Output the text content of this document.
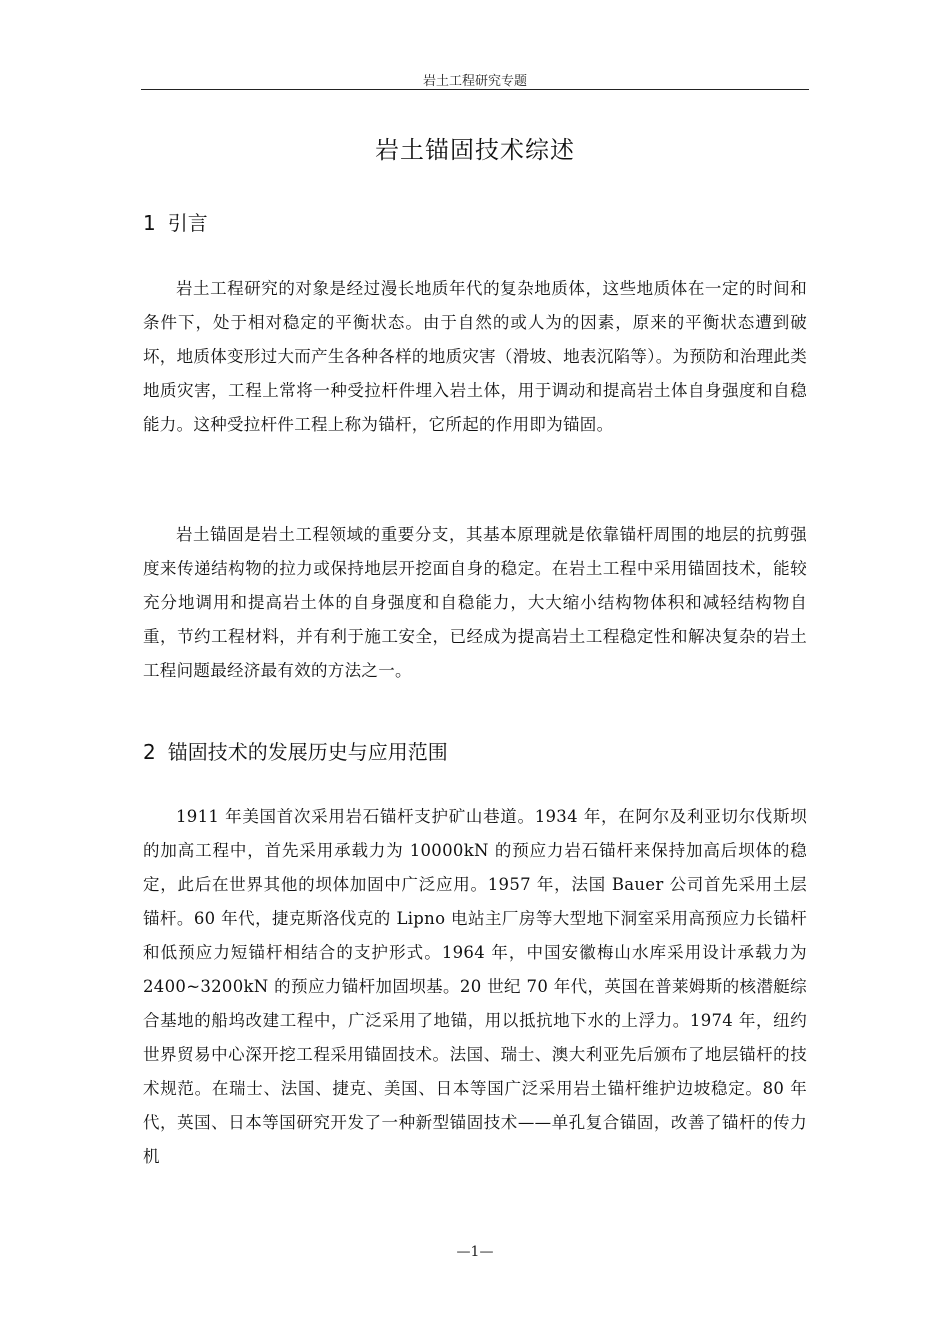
岩土工程研究专题
岩土锚固技术综述
1 引言

岩土工程研究的对象是经过漫长地质年代的复杂地质体，这些地质体在一定的时间和条件下，处于相对稳定的平衡状态。由于自然的或人为的因素，原来的平衡状态遭到破坏，地质体变形过大而产生各种各样的地质灾害（滑坡、地表沉陷等）。为预防和治理此类地质灾害，工程上常将一种受拉杆件埋入岩土体，用于调动和提高岩土体自身强度和自稳能力。这种受拉杆件工程上称为锚杆，它所起的作用即为锚固。

岩土锚固是岩土工程领域的重要分支，其基本原理就是依靠锚杆周围的地层的抗剪强度来传递结构物的拉力或保持地层开挖面自身的稳定。在岩土工程中采用锚固技术，能较充分地调用和提高岩土体的自身强度和自稳能力，大大缩小结构物体积和减轻结构物自重，节约工程材料，并有利于施工安全，已经成为提高岩土工程稳定性和解决复杂的岩土工程问题最经济最有效的方法之一。

2 锚固技术的发展历史与应用范围

1911 年美国首次采用岩石锚杆支护矿山巷道。1934 年，在阿尔及利亚切尔伐斯坝的加高工程中，首先采用承载力为 10000kN 的预应力岩石锚杆来保持加高后坝体的稳定，此后在世界其他的坝体加固中广泛应用。1957 年，法国 Bauer 公司首先采用土层锚杆。60 年代，捷克斯洛伐克的 Lipno 电站主厂房等大型地下洞室采用高预应力长锚杆和低预应力短锚杆相结合的支护形式。1964 年，中国安徽梅山水库采用设计承载力为 2400~3200kN 的预应力锚杆加固坝基。20 世纪 70 年代，英国在普莱姆斯的核潜艇综合基地的船坞改建工程中，广泛采用了地锚，用以抵抗地下水的上浮力。1974 年，纽约世界贸易中心深开挖工程采用锚固技术。法国、瑞士、澳大利亚先后颁布了地层锚杆的技术规范。在瑞士、法国、捷克、美国、日本等国广泛采用岩土锚杆维护边坡稳定。80 年代，英国、日本等国研究开发了一种新型锚固技术——单孔复合锚固，改善了锚杆的传力机

—1—
